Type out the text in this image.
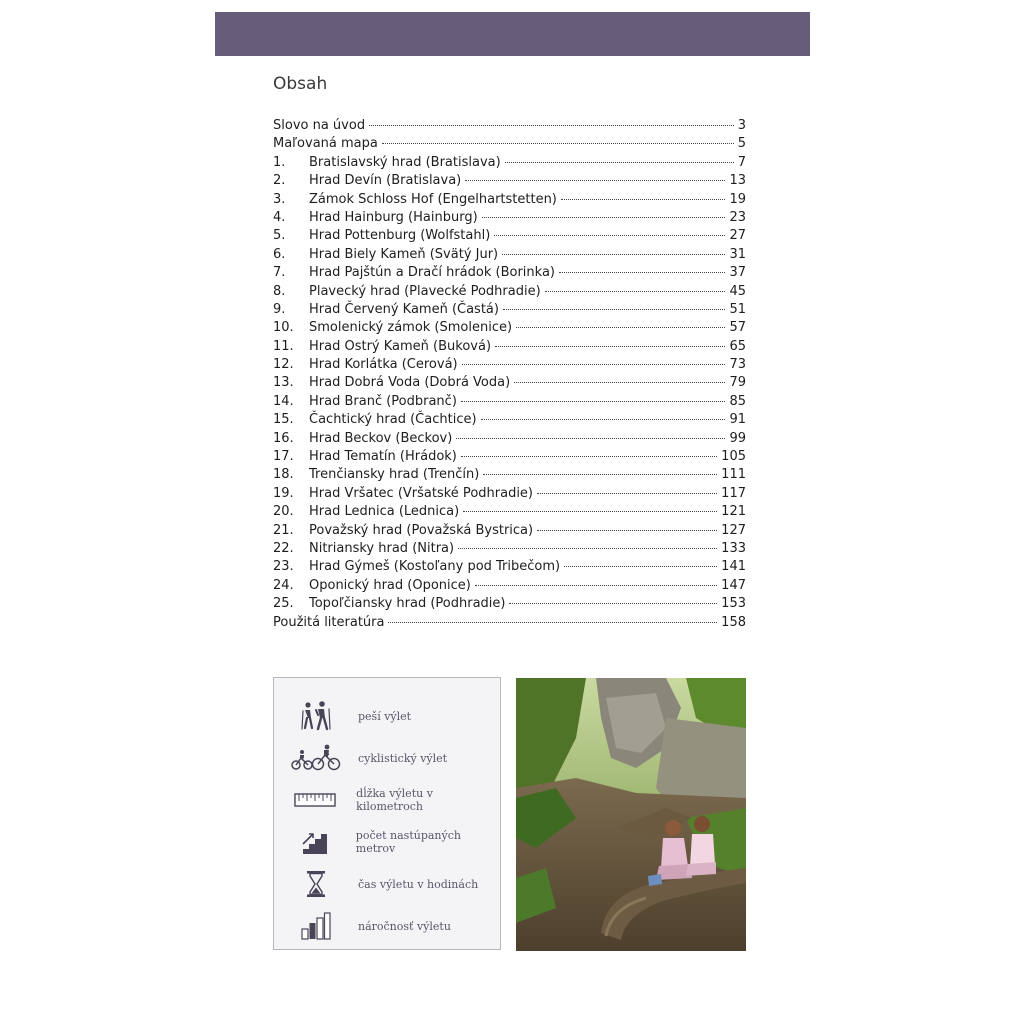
Obsah
Slovo na úvod	3
Maľovaná mapa	5
1.	Bratislavský hrad (Bratislava)	7
2.	Hrad Devín (Bratislava)	13
3.	Zámok Schloss Hof (Engelhartstetten)	19
4.	Hrad Hainburg (Hainburg)	23
5.	Hrad Pottenburg (Wolfstahl)	27
6.	Hrad Biely Kameň (Svätý Jur)	31
7.	Hrad Pajštún a Dračí hrádok (Borinka)	37
8.	Plavecký hrad (Plavecké Podhradie)	45
9.	Hrad Červený Kameň (Častá)	51
10.	Smolenický zámok (Smolenice)	57
11.	Hrad Ostrý Kameň (Buková)	65
12.	Hrad Korlátka (Cerová)	73
13.	Hrad Dobrá Voda (Dobrá Voda)	79
14.	Hrad Branč (Podbranč)	85
15.	Čachtický hrad (Čachtice)	91
16.	Hrad Beckov (Beckov)	99
17.	Hrad Tematín (Hrádok)	105
18.	Trenčiansky hrad (Trenčín)	111
19.	Hrad Vršatec (Vršatské Podhradie)	117
20.	Hrad Lednica (Lednica)	121
21.	Považský hrad (Považská Bystrica)	127
22.	Nitriansky hrad (Nitra)	133
23.	Hrad Gýmeš (Kostoľany pod Tribečom)	141
24.	Oponický hrad (Oponice)	147
25.	Topoľčiansky hrad (Podhradie)	153
Použitá literatúra	158
peší výlet
cyklistický výlet
dĺžka výletu v kilometroch
počet nastúpaných metrov
čas výletu v hodinách
náročnosť výletu
